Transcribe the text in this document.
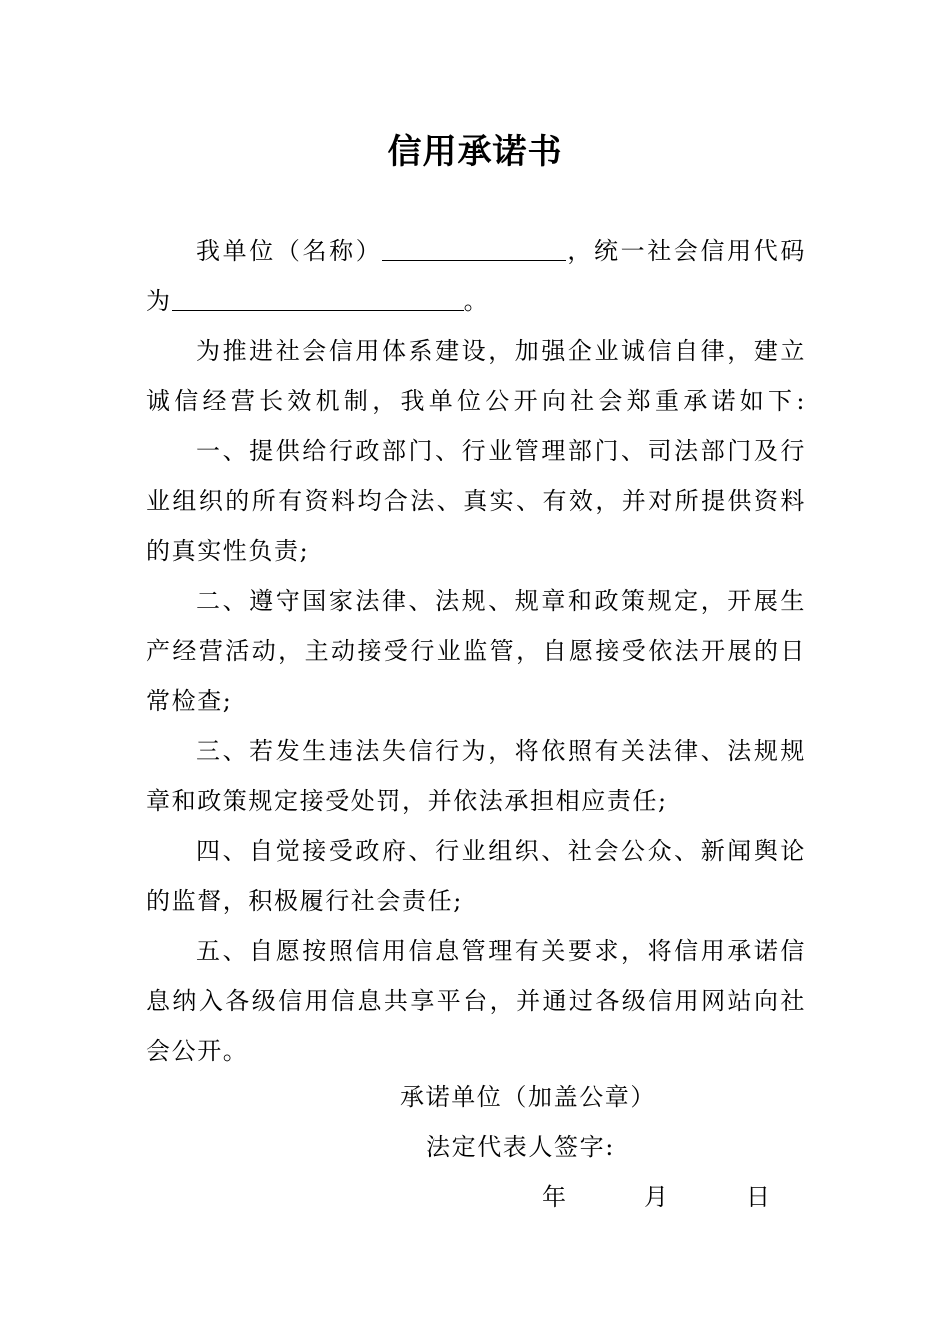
信用承诺书
我单位（名称）	，统一社会信用代码
为	。
为推进社会信用体系建设，加强企业诚信自律，建立
诚信经营长效机制，我单位公开向社会郑重承诺如下:
一、提供给行政部门、行业管理部门、司法部门及行
业组织的所有资料均合法、真实、有效，并对所提供资料
的真实性负责;
二、遵守国家法律、法规、规章和政策规定，开展生
产经营活动，主动接受行业监管，自愿接受依法开展的日
常检查;
三、若发生违法失信行为，将依照有关法律、法规规
章和政策规定接受处罚，并依法承担相应责任;
四、自觉接受政府、行业组织、社会公众、新闻舆论
的监督，积极履行社会责任;
五、自愿按照信用信息管理有关要求，将信用承诺信
息纳入各级信用信息共享平台，并通过各级信用网站向社
会公开。
承诺单位（加盖公章）
法定代表人签字:
年	月	日
